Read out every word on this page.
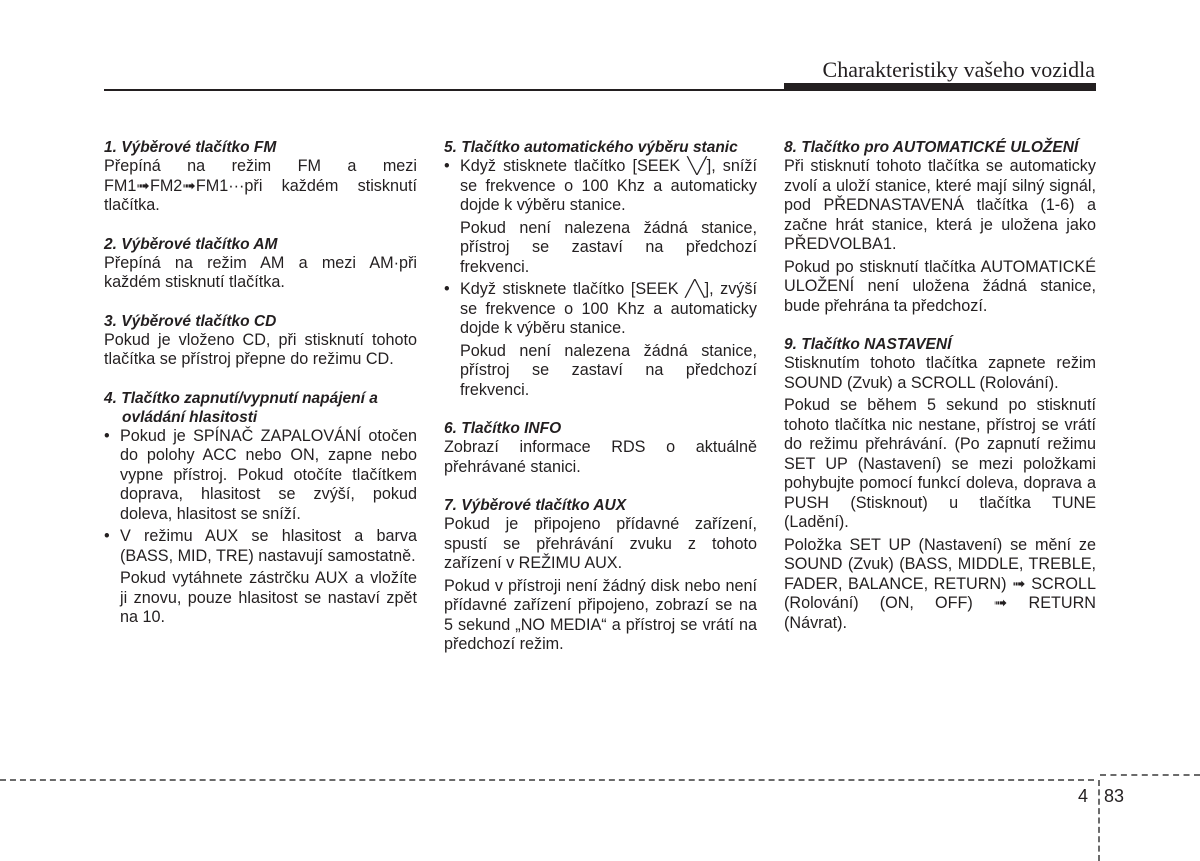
Charakteristiky vašeho vozidla
1. Výběrové tlačítko FM
Přepíná na režim FM a mezi FM1➟FM2➟FM1···při každém stisknutí tlačítka.
2. Výběrové tlačítko AM
Přepíná na režim AM a mezi AM·při každém stisknutí tlačítka.
3. Výběrové tlačítko CD
Pokud je vloženo CD, při stisknutí tohoto tlačítka se přístroj přepne do režimu CD.
4. Tlačítko zapnutí/vypnutí napájení a ovládání hlasitosti
• Pokud je SPÍNAČ ZAPALOVÁNÍ otočen do polohy ACC nebo ON, zapne nebo vypne přístroj. Pokud otočíte tlačítkem doprava, hlasitost se zvýší, pokud doleva, hlasitost se sníží.
• V režimu AUX se hlasitost a barva (BASS, MID, TRE) nastavují samostatně.
Pokud vytáhnete zástrčku AUX a vložíte ji znovu, pouze hlasitost se nastaví zpět na 10.
5. Tlačítko automatického výběru stanic
• Když stisknete tlačítko [SEEK ╲╱], sníží se frekvence o 100 Khz a automaticky dojde k výběru stanice.
Pokud není nalezena žádná stanice, přístroj se zastaví na předchozí frekvenci.
• Když stisknete tlačítko [SEEK ╱╲], zvýší se frekvence o 100 Khz a automaticky dojde k výběru stanice.
Pokud není nalezena žádná stanice, přístroj se zastaví na předchozí frekvenci.
6. Tlačítko INFO
Zobrazí informace RDS o aktuálně přehrávané stanici.
7. Výběrové tlačítko AUX
Pokud je připojeno přídavné zařízení, spustí se přehrávání zvuku z tohoto zařízení v REŽIMU AUX.
Pokud v přístroji není žádný disk nebo není přídavné zařízení připojeno, zobrazí se na 5 sekund „NO MEDIA“ a přístroj se vrátí na předchozí režim.
8. Tlačítko pro AUTOMATICKÉ ULOŽENÍ
Při stisknutí tohoto tlačítka se automaticky zvolí a uloží stanice, které mají silný signál, pod PŘEDNASTAVENÁ tlačítka (1-6) a začne hrát stanice, která je uložena jako PŘEDVOLBA1.
Pokud po stisknutí tlačítka AUTOMATICKÉ ULOŽENÍ není uložena žádná stanice, bude přehrána ta předchozí.
9. Tlačítko NASTAVENÍ
Stisknutím tohoto tlačítka zapnete režim SOUND (Zvuk) a SCROLL (Rolování).
Pokud se během 5 sekund po stisknutí tohoto tlačítka nic nestane, přístroj se vrátí do režimu přehrávání. (Po zapnutí režimu SET UP (Nastavení) se mezi položkami pohybujte pomocí funkcí doleva, doprava a PUSH (Stisknout) u tlačítka TUNE (Ladění).
Položka SET UP (Nastavení) se mění ze SOUND (Zvuk) (BASS, MIDDLE, TREBLE, FADER, BALANCE, RETURN) ➟ SCROLL (Rolování) (ON, OFF) ➟ RETURN (Návrat).
4 83
